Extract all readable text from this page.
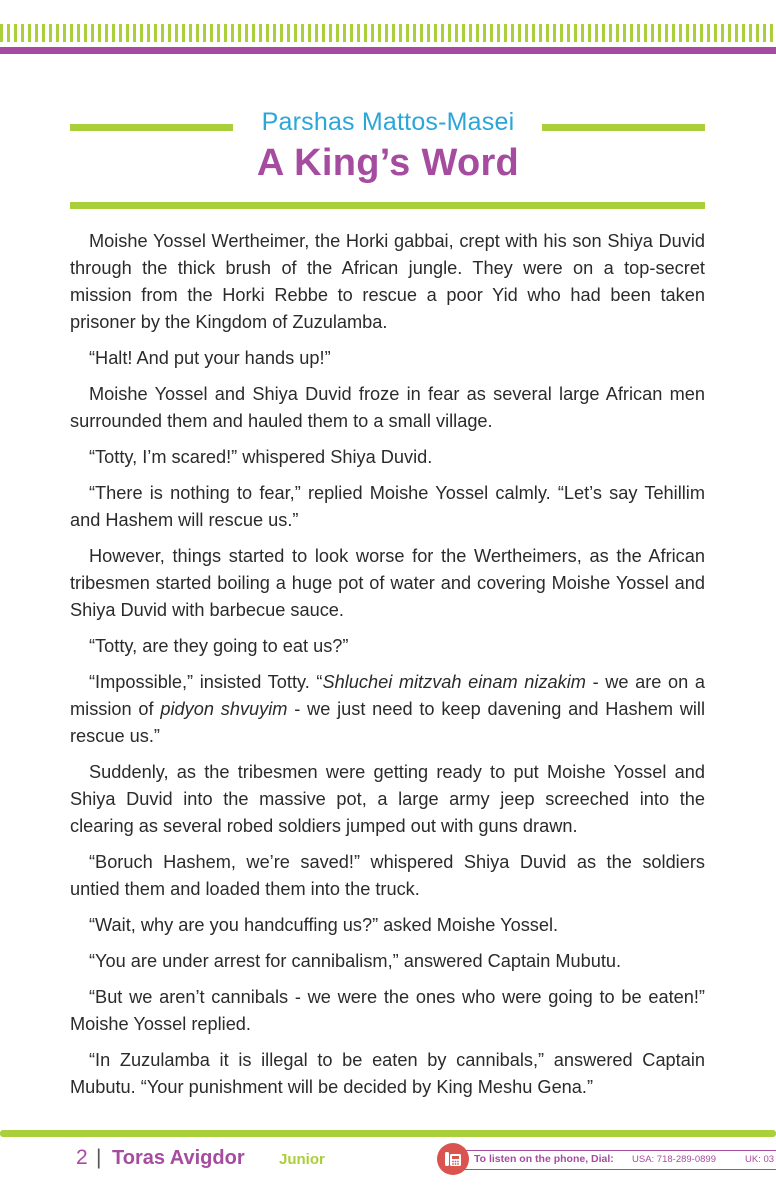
Parshas Mattos-Masei
A King’s Word

Moishe Yossel Wertheimer, the Horki gabbai, crept with his son Shiya Duvid through the thick brush of the African jungle. They were on a top-secret mission from the Horki Rebbe to rescue a poor Yid who had been taken prisoner by the Kingdom of Zuzulamba.

“Halt! And put your hands up!”

Moishe Yossel and Shiya Duvid froze in fear as several large African men surrounded them and hauled them to a small village.

“Totty, I’m scared!” whispered Shiya Duvid.

“There is nothing to fear,” replied Moishe Yossel calmly. “Let’s say Tehillim and Hashem will rescue us.”

However, things started to look worse for the Wertheimers, as the African tribesmen started boiling a huge pot of water and covering Moishe Yossel and Shiya Duvid with barbecue sauce.

“Totty, are they going to eat us?”

“Impossible,” insisted Totty. “Shluchei mitzvah einam nizakim - we are on a mission of pidyon shvuyim - we just need to keep davening and Hashem will rescue us.”

Suddenly, as the tribesmen were getting ready to put Moishe Yossel and Shiya Duvid into the massive pot, a large army jeep screeched into the clearing as several robed soldiers jumped out with guns drawn.

“Boruch Hashem, we’re saved!” whispered Shiya Duvid as the soldiers untied them and loaded them into the truck.

“Wait, why are you handcuffing us?” asked Moishe Yossel.

“You are under arrest for cannibalism,” answered Captain Mubutu.

“But we aren’t cannibals - we were the ones who were going to be eaten!” Moishe Yossel replied.

“In Zuzulamba it is illegal to be eaten by cannibals,” answered Captain Mubutu. “Your punishment will be decided by King Meshu Gena.”

2 | Toras Avigdor Junior	To listen on the phone, Dial: USA: 718-289-0899	UK: 03
